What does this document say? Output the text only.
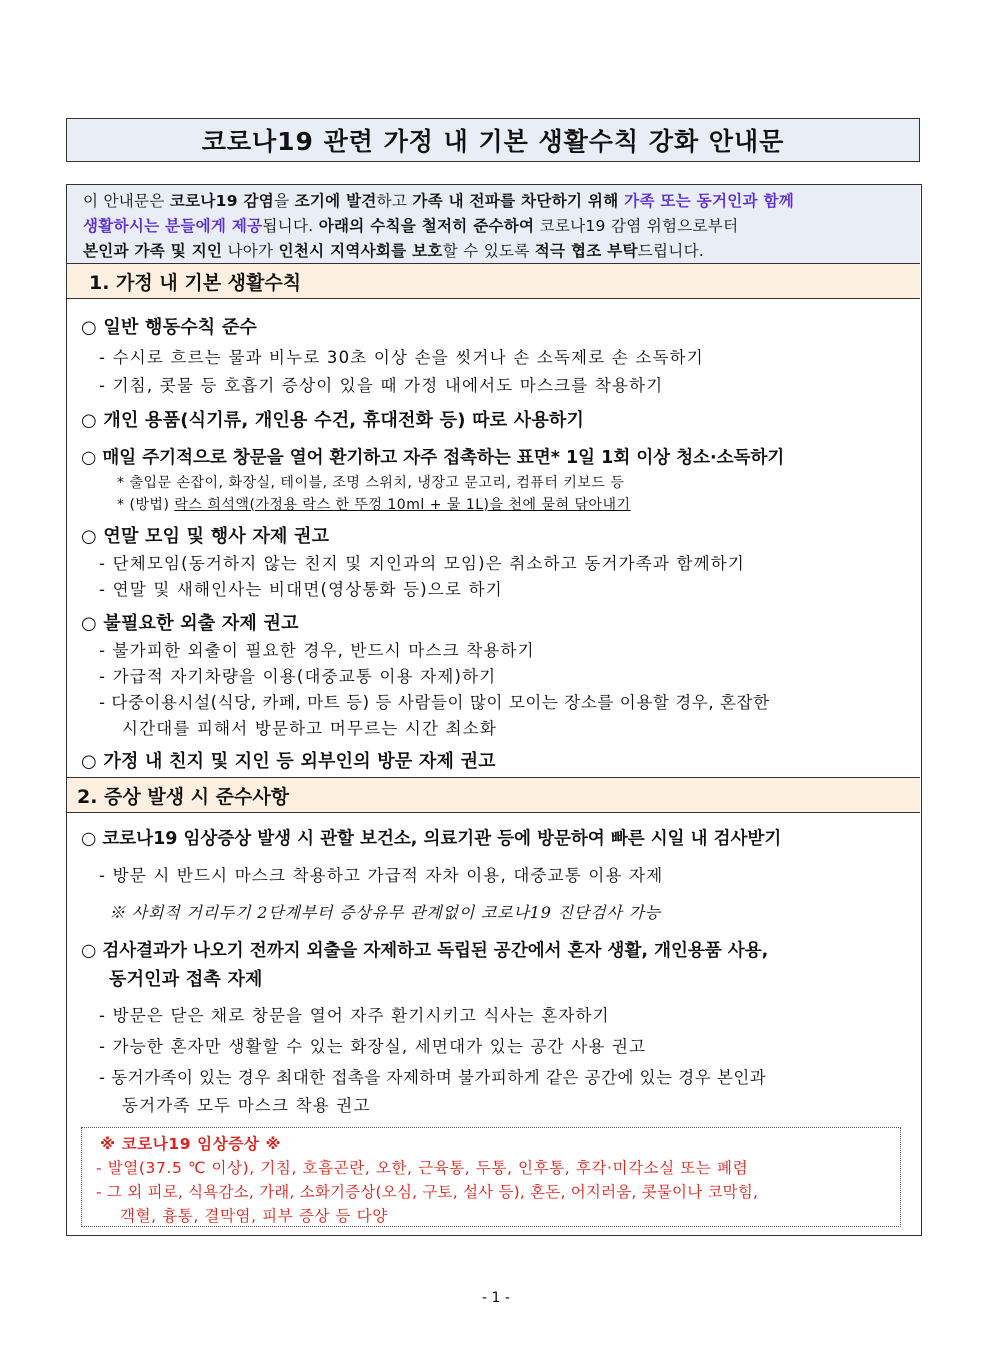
코로나19 관련 가정 내 기본 생활수칙 강화 안내문
이 안내문은 코로나19 감염을 조기에 발견하고 가족 내 전파를 차단하기 위해 가족 또는 동거인과 함께
생활하시는 분들에게 제공됩니다. 아래의 수칙을 철저히 준수하여 코로나19 감염 위험으로부터
본인과 가족 및 지인 나아가 인천시 지역사회를 보호할 수 있도록 적극 협조 부탁드립니다.
1. 가정 내 기본 생활수칙
○ 일반 행동수칙 준수
- 수시로 흐르는 물과 비누로 30초 이상 손을 씻거나 손 소독제로 손 소독하기
- 기침, 콧물 등 호흡기 증상이 있을 때 가정 내에서도 마스크를 착용하기
○ 개인 용품(식기류, 개인용 수건, 휴대전화 등) 따로 사용하기
○ 매일 주기적으로 창문을 열어 환기하고 자주 접촉하는 표면* 1일 1회 이상 청소·소독하기
* 출입문 손잡이, 화장실, 테이블, 조명 스위치, 냉장고 문고리, 컴퓨터 키보드 등
* (방법) 락스 희석액(가정용 락스 한 뚜껑 10ml + 물 1L)을 천에 묻혀 닦아내기
○ 연말 모임 및 행사 자제 권고
- 단체모임(동거하지 않는 친지 및 지인과의 모임)은 취소하고 동거가족과 함께하기
- 연말 및 새해인사는 비대면(영상통화 등)으로 하기
○ 불필요한 외출 자제 권고
- 불가피한 외출이 필요한 경우, 반드시 마스크 착용하기
- 가급적 자기차량을 이용(대중교통 이용 자제)하기
- 다중이용시설(식당, 카페, 마트 등) 등 사람들이 많이 모이는 장소를 이용할 경우, 혼잡한
시간대를 피해서 방문하고 머무르는 시간 최소화
○ 가정 내 친지 및 지인 등 외부인의 방문 자제 권고
2. 증상 발생 시 준수사항
○ 코로나19 임상증상 발생 시 관할 보건소, 의료기관 등에 방문하여 빠른 시일 내 검사받기
- 방문 시 반드시 마스크 착용하고 가급적 자차 이용, 대중교통 이용 자제
※ 사회적 거리두기 2단계부터 증상유무 관계없이 코로나19 진단검사 가능
○ 검사결과가 나오기 전까지 외출을 자제하고 독립된 공간에서 혼자 생활, 개인용품 사용,
동거인과 접촉 자제
- 방문은 닫은 채로 창문을 열어 자주 환기시키고 식사는 혼자하기
- 가능한 혼자만 생활할 수 있는 화장실, 세면대가 있는 공간 사용 권고
- 동거가족이 있는 경우 최대한 접촉을 자제하며 불가피하게 같은 공간에 있는 경우 본인과
동거가족 모두 마스크 착용 권고
※ 코로나19 임상증상 ※
- 발열(37.5 ℃ 이상), 기침, 호흡곤란, 오한, 근육통, 두통, 인후통, 후각·미각소실 또는 폐렴
- 그 외 피로, 식욕감소, 가래, 소화기증상(오심, 구토, 설사 등), 혼돈, 어지러움, 콧물이나 코막힘,
객혈, 흉통, 결막염, 피부 증상 등 다양
- 1 -
